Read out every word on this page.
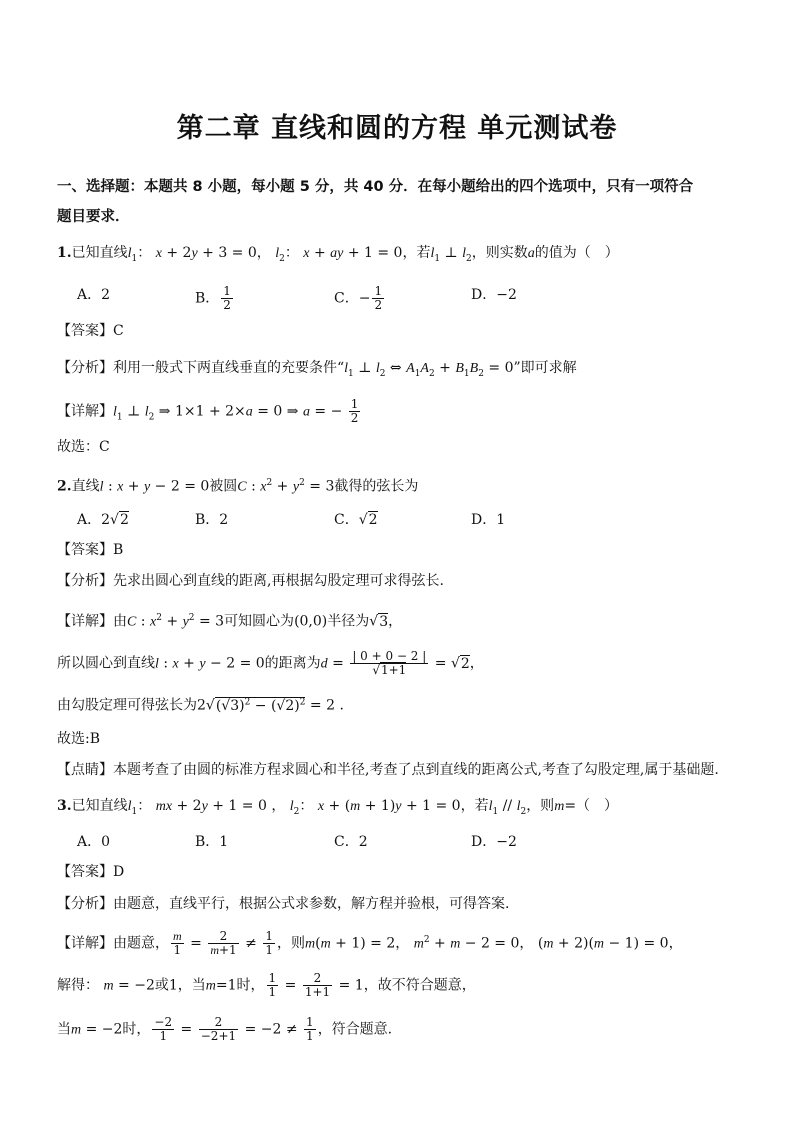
第二章 直线和圆的方程 单元测试卷
一、选择题：本题共 8 小题，每小题 5 分，共 40 分．在每小题给出的四个选项中，只有一项符合
题目要求．
1.已知直线$l_1$： x + 2y + 3 = 0， $l_2$： x + ay + 1 = 0，若$l_1$ ⊥ $l_2$，则实数a的值为（　）
A．2	B． $\frac{1}{2}$	C．− $\frac{1}{2}$	D．−2
【答案】C
【分析】利用一般式下两直线垂直的充要条件“$l_1$ ⊥ $l_2$ ⇔ $A_1A_2 + B_1B_2 = 0$”即可求解
【详解】$l_1$ ⊥ $l_2$ ⇒ 1×1 + 2×a = 0 ⇒ a = − $\frac{1}{2}$
故选：C
2.直线l : x + y − 2 = 0被圆C : $x^2 + y^2 = 3$截得的弦长为
A．2√2	B．2	C．√2	D．1
【答案】B
【分析】先求出圆心到直线的距离,再根据勾股定理可求得弦长.
【详解】由C : $x^2 + y^2 = 3$可知圆心为(0,0)半径为√3，
所以圆心到直线l : x + y − 2 = 0的距离为$d = \frac{| 0 + 0 - 2 |}{√1+1} = √2$，
由勾股定理可得弦长为$2√(√3)^2 - (√2)^2 = 2$ .
故选:B
【点睛】本题考查了由圆的标准方程求圆心和半径,考查了点到直线的距离公式,考查了勾股定理,属于基础题.
3.已知直线$l_1$： mx + 2y + 1 = 0 ， $l_2$： x + (m + 1)y + 1 = 0，若$l_1 // l_2$，则m=（　）
A．0	B．1	C．2	D．−2
【答案】D
【分析】由题意，直线平行，根据公式求参数，解方程并验根，可得答案.
【详解】由题意， $\frac{m}{1} = \frac{2}{m+1} \ne \frac{1}{1}$ ，则m(m + 1) = 2， $m^2 + m - 2 = 0$， (m + 2)(m − 1) = 0，
解得： m = −2或1，当m=1时， $\frac{1}{1} = \frac{2}{1+1} = 1$，故不符合题意，
当m = −2时， $\frac{-2}{1} = \frac{2}{-2+1} = -2 \ne \frac{1}{1}$ ，符合题意.
